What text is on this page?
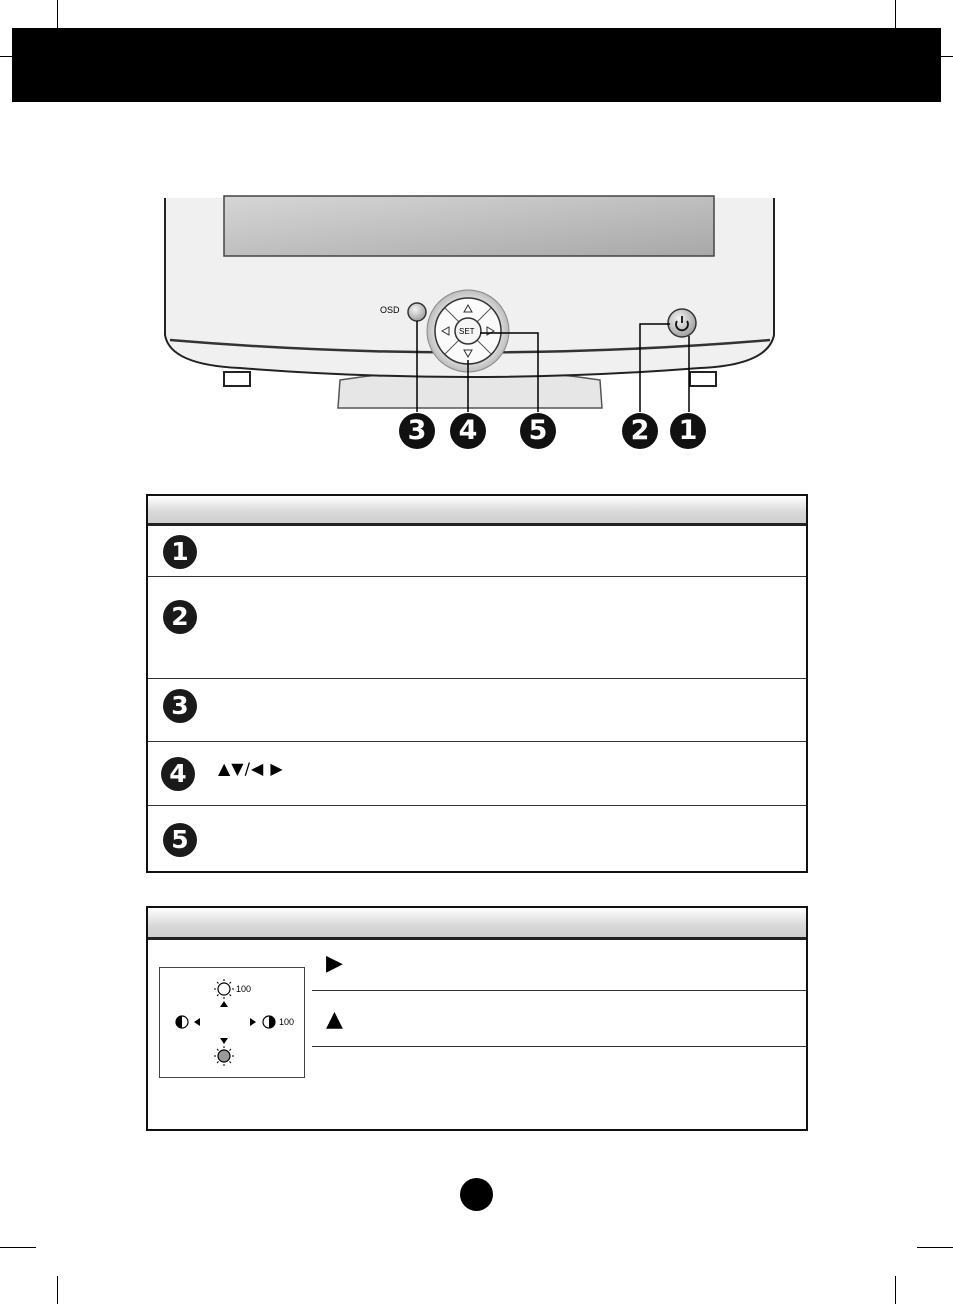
OSD
SET
3	4	5	2	1
1
2
3
4	▲▼/◀ ▶
5
▶
▲
100
100
